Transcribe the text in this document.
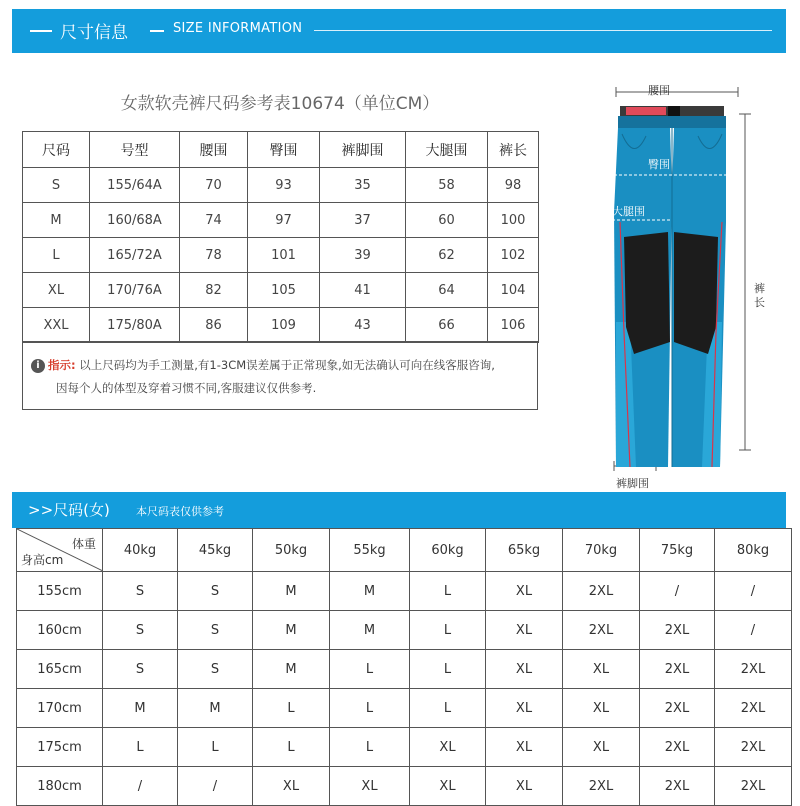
尺寸信息	SIZE INFORMATION
女款软壳裤尺码参考表10674（单位CM）
尺码	号型	腰围	臀围	裤脚围	大腿围	裤长
S	155/64A	70	93	35	58	98
M	160/68A	74	97	37	60	100
L	165/72A	78	101	39	62	102
XL	170/76A	82	105	41	64	104
XXL	175/80A	86	109	43	66	106
i 指示: 以上尺码均为手工测量,有1-3CM误差属于正常现象,如无法确认可向在线客服咨询,
因每个人的体型及穿着习惯不同,客服建议仅供参考.
腰围
臀围
大腿围
裤长
裤脚围
>>尺码(女) 本尺码表仅供参考
体重
身高cm	40kg	45kg	50kg	55kg	60kg	65kg	70kg	75kg	80kg
155cm	S	S	M	M	L	XL	2XL	/	/
160cm	S	S	M	M	L	XL	2XL	2XL	/
165cm	S	S	M	L	L	XL	XL	2XL	2XL
170cm	M	M	L	L	L	XL	XL	2XL	2XL
175cm	L	L	L	L	XL	XL	XL	2XL	2XL
180cm	/	/	XL	XL	XL	XL	2XL	2XL	2XL
